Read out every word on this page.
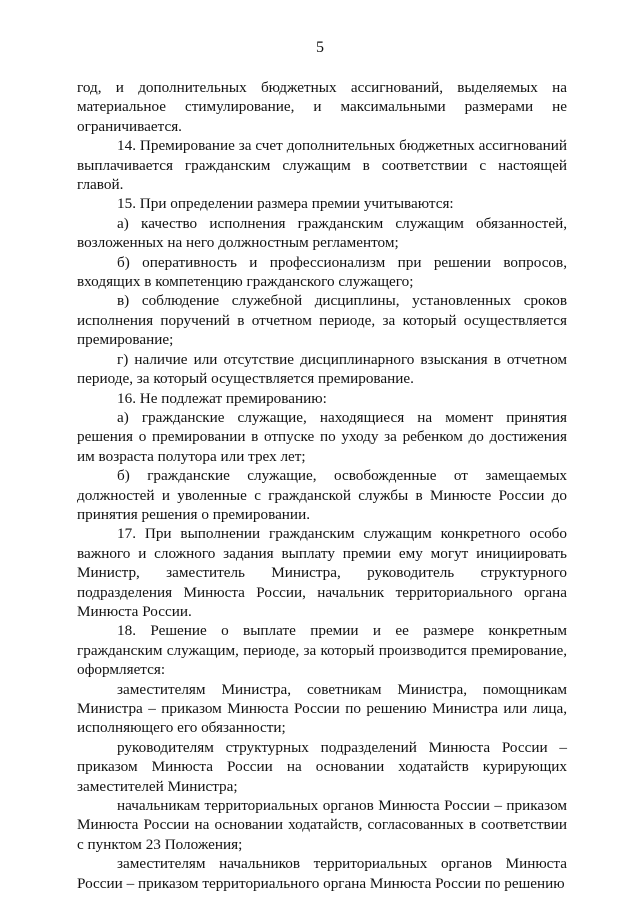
5

год, и дополнительных бюджетных ассигнований, выделяемых на материальное стимулирование, и максимальными размерами не ограничивается.

14. Премирование за счет дополнительных бюджетных ассигнований выплачивается гражданским служащим в соответствии с настоящей главой.

15. При определении размера премии учитываются:

а) качество исполнения гражданским служащим обязанностей, возложенных на него должностным регламентом;

б) оперативность и профессионализм при решении вопросов, входящих в компетенцию гражданского служащего;

в) соблюдение служебной дисциплины, установленных сроков исполнения поручений в отчетном периоде, за который осуществляется премирование;

г) наличие или отсутствие дисциплинарного взыскания в отчетном периоде, за который осуществляется премирование.

16. Не подлежат премированию:

а) гражданские служащие, находящиеся на момент принятия решения о премировании в отпуске по уходу за ребенком до достижения им возраста полутора или трех лет;

б) гражданские служащие, освобожденные от замещаемых должностей и уволенные с гражданской службы в Минюсте России до принятия решения о премировании.

17. При выполнении гражданским служащим конкретного особо важного и сложного задания выплату премии ему могут инициировать Министр, заместитель Министра, руководитель структурного подразделения Минюста России, начальник территориального органа Минюста России.

18. Решение о выплате премии и ее размере конкретным гражданским служащим, периоде, за который производится премирование, оформляется:

заместителям Министра, советникам Министра, помощникам Министра – приказом Минюста России по решению Министра или лица, исполняющего его обязанности;

руководителям структурных подразделений Минюста России – приказом Минюста России на основании ходатайств курирующих заместителей Министра;

начальникам территориальных органов Минюста России – приказом Минюста России на основании ходатайств, согласованных в соответствии с пунктом 23 Положения;

заместителям начальников территориальных органов Минюста России – приказом территориального органа Минюста России по решению
